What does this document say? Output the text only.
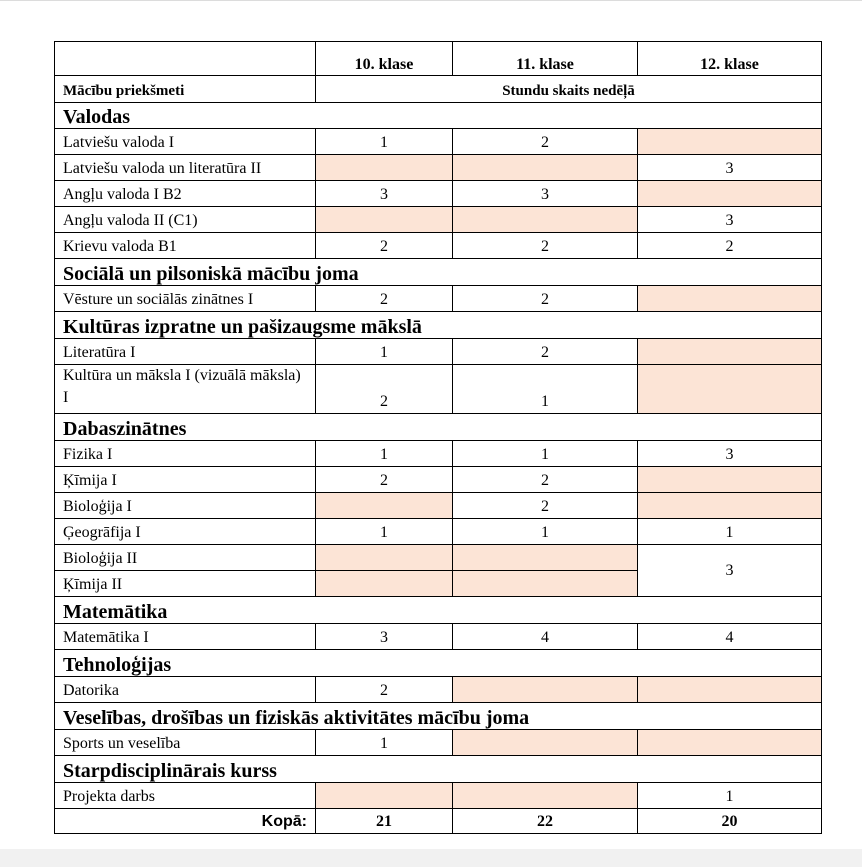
	10. klase	11. klase	12. klase
Mācību priekšmeti	Stundu skaits nedēļā		
Valodas			
Latviešu valoda I	1	2	
Latviešu valoda un literatūra II			3
Angļu valoda I B2	3	3	
Angļu valoda II (C1)			3
Krievu valoda B1	2	2	2
Sociālā un pilsoniskā mācību joma			
Vēsture un sociālās zinātnes I	2	2	
Kultūras izpratne un pašizaugsme mākslā			
Literatūra I	1	2	
Kultūra un māksla I (vizuālā māksla) I	2	1	
Dabaszinātnes			
Fizika I	1	1	3
Ķīmija I	2	2	
Bioloģija I		2	
Ģeogrāfija I	1	1	1
Bioloģija II			3
Ķīmija II			
Matemātika			
Matemātika I	3	4	4
Tehnoloģijas			
Datorika	2		
Veselības, drošības un fiziskās aktivitātes mācību joma			
Sports un veselība	1		
Starpdisciplinārais kurss			
Projekta darbs			1
Kopā:	21	22	20
